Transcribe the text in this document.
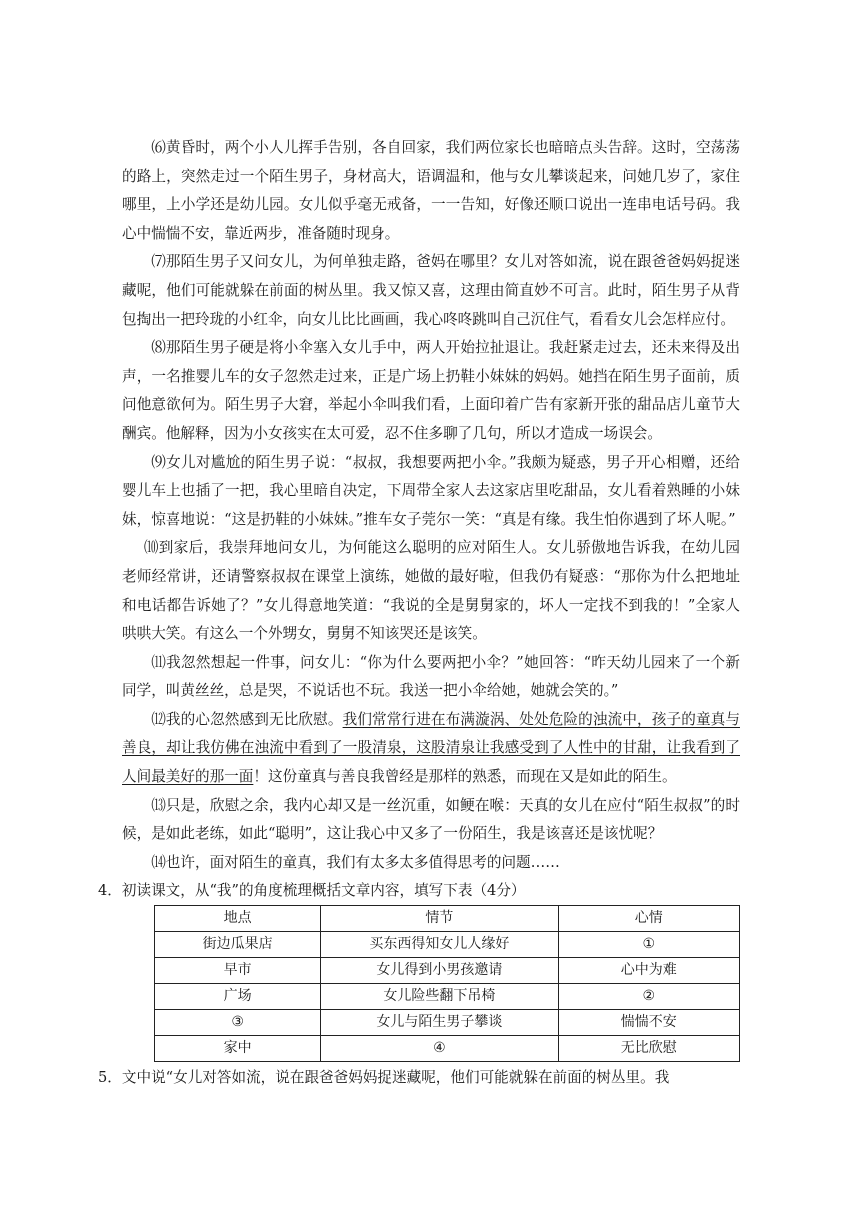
⑹黄昏时，两个小人儿挥手告别，各自回家，我们两位家长也暗暗点头告辞。这时，空荡荡的路上，突然走过一个陌生男子，身材高大，语调温和，他与女儿攀谈起来，问她几岁了，家住哪里，上小学还是幼儿园。女儿似乎毫无戒备，一一告知，好像还顺口说出一连串电话号码。我心中惴惴不安，靠近两步，准备随时现身。

⑺那陌生男子又问女儿，为何单独走路，爸妈在哪里？女儿对答如流，说在跟爸爸妈妈捉迷藏呢，他们可能就躲在前面的树丛里。我又惊又喜，这理由简直妙不可言。此时，陌生男子从背包掏出一把玲珑的小红伞，向女儿比比画画，我心咚咚跳叫自己沉住气，看看女儿会怎样应付。

⑻那陌生男子硬是将小伞塞入女儿手中，两人开始拉扯退让。我赶紧走过去，还未来得及出声，一名推婴儿车的女子忽然走过来，正是广场上扔鞋小妹妹的妈妈。她挡在陌生男子面前，质问他意欲何为。陌生男子大窘，举起小伞叫我们看，上面印着广告有家新开张的甜品店儿童节大酬宾。他解释，因为小女孩实在太可爱，忍不住多聊了几句，所以才造成一场误会。

⑼女儿对尴尬的陌生男子说：“叔叔，我想要两把小伞。”我颇为疑惑，男子开心相赠，还给婴儿车上也插了一把，我心里暗自决定，下周带全家人去这家店里吃甜品，女儿看着熟睡的小妹妹，惊喜地说：“这是扔鞋的小妹妹。”推车女子莞尔一笑：“真是有缘。我生怕你遇到了坏人呢。”

⑽到家后，我崇拜地问女儿，为何能这么聪明的应对陌生人。女儿骄傲地告诉我，在幼儿园老师经常讲，还请警察叔叔在课堂上演练，她做的最好啦，但我仍有疑惑：“那你为什么把地址和电话都告诉她了？”女儿得意地笑道：“我说的全是舅舅家的，坏人一定找不到我的！”全家人哄哄大笑。有这么一个外甥女，舅舅不知该哭还是该笑。

⑾我忽然想起一件事，问女儿：“你为什么要两把小伞？”她回答：“昨天幼儿园来了一个新同学，叫黄丝丝，总是哭，不说话也不玩。我送一把小伞给她，她就会笑的。”

⑿我的心忽然感到无比欣慰。我们常常行进在布满漩涡、处处危险的浊流中，孩子的童真与善良，却让我仿佛在浊流中看到了一股清泉，这股清泉让我感受到了人性中的甘甜，让我看到了人间最美好的那一面！这份童真与善良我曾经是那样的熟悉，而现在又是如此的陌生。

⒀只是，欣慰之余，我内心却又是一丝沉重，如鲠在喉：天真的女儿在应付“陌生叔叔”的时候，是如此老练，如此“聪明”，这让我心中又多了一份陌生，我是该喜还是该忧呢？

⒁也许，面对陌生的童真，我们有太多太多值得思考的问题……

4．初读课文，从“我”的角度梳理概括文章内容，填写下表（4分）

地点	情节	心情
街边瓜果店	买东西得知女儿人缘好	①
早市	女儿得到小男孩邀请	心中为难
广场	女儿险些翻下吊椅	②
③	女儿与陌生男子攀谈	惴惴不安
家中	④	无比欣慰

5．文中说“女儿对答如流，说在跟爸爸妈妈捉迷藏呢，他们可能就躲在前面的树丛里。我
